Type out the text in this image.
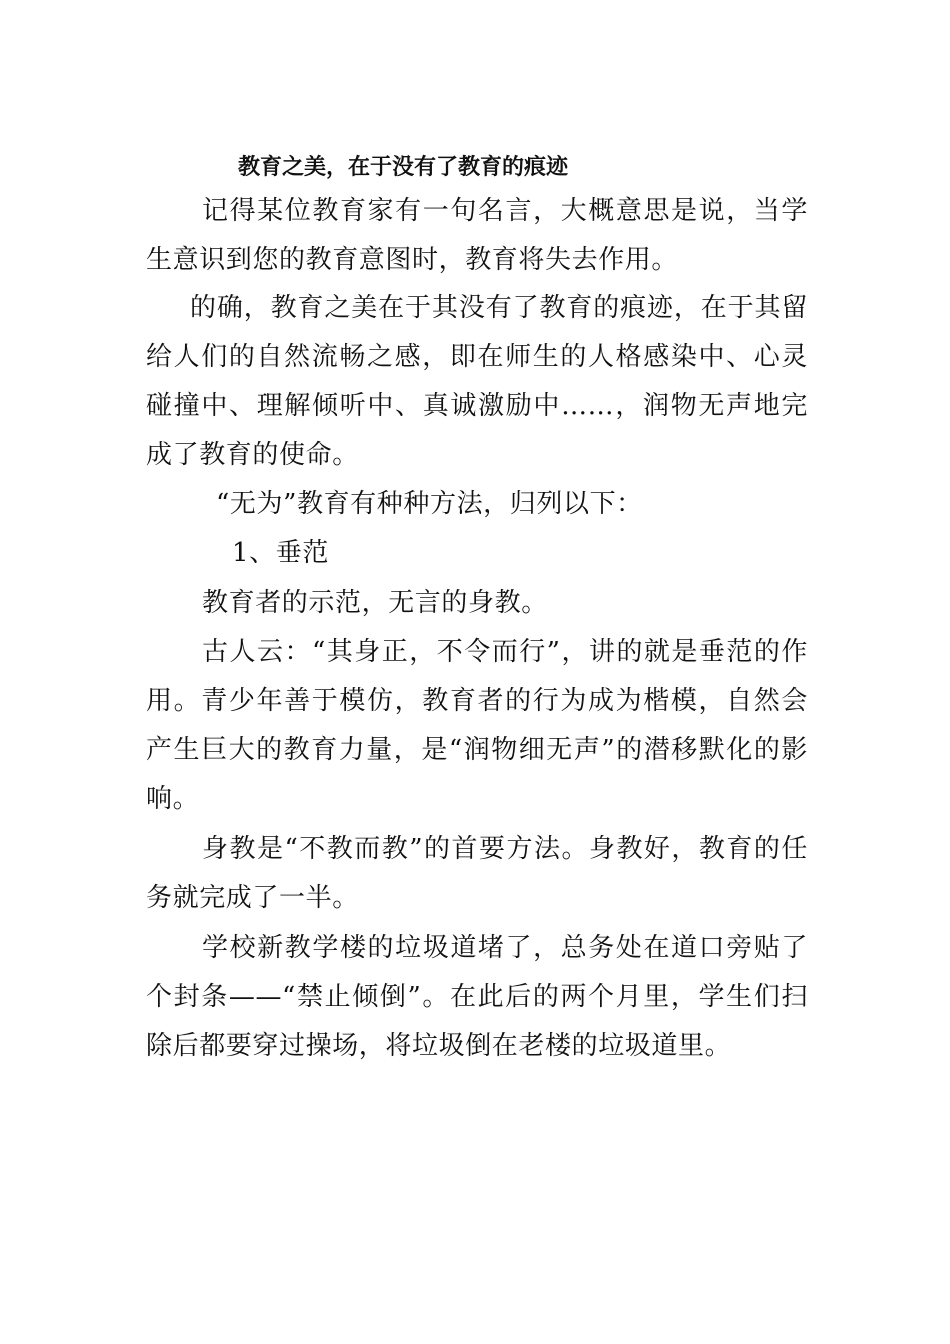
教育之美，在于没有了教育的痕迹

记得某位教育家有一句名言，大概意思是说，当学生意识到您的教育意图时，教育将失去作用。

的确，教育之美在于其没有了教育的痕迹，在于其留给人们的自然流畅之感，即在师生的人格感染中、心灵碰撞中、理解倾听中、真诚激励中……，润物无声地完成了教育的使命。

“无为”教育有种种方法，归列以下：

1、垂范

教育者的示范，无言的身教。

古人云：“其身正，不令而行”，讲的就是垂范的作用。青少年善于模仿，教育者的行为成为楷模，自然会产生巨大的教育力量，是“润物细无声”的潜移默化的影响。

身教是“不教而教”的首要方法。身教好，教育的任务就完成了一半。

学校新教学楼的垃圾道堵了，总务处在道口旁贴了个封条——“禁止倾倒”。在此后的两个月里，学生们扫除后都要穿过操场，将垃圾倒在老楼的垃圾道里。
